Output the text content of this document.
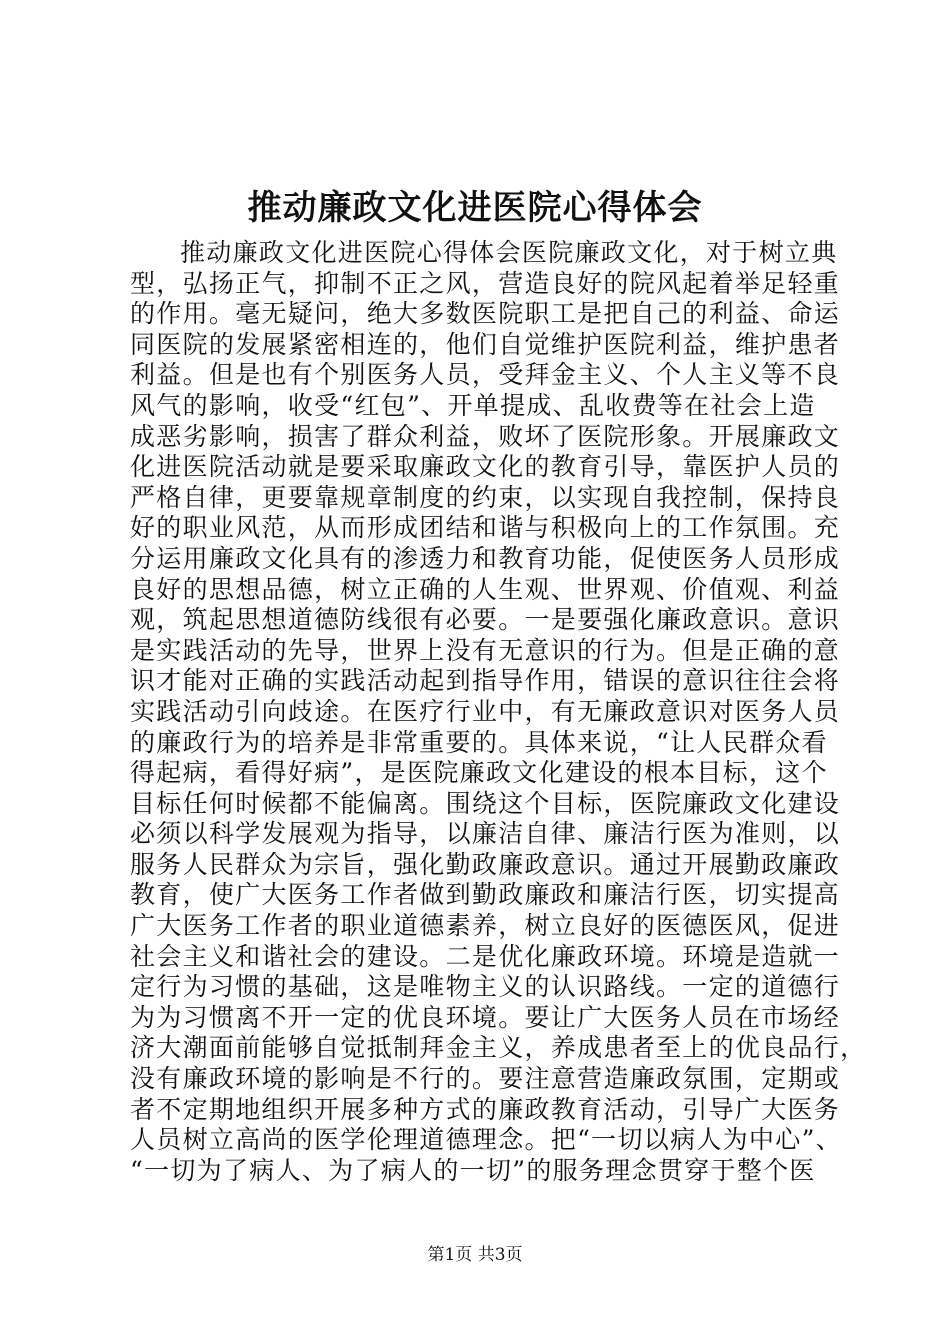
推动廉政文化进医院心得体会
推动廉政文化进医院心得体会医院廉政文化，对于树立典
型，弘扬正气，抑制不正之风，营造良好的院风起着举足轻重
的作用。毫无疑问，绝大多数医院职工是把自己的利益、命运
同医院的发展紧密相连的，他们自觉维护医院利益，维护患者
利益。但是也有个别医务人员，受拜金主义、个人主义等不良
风气的影响，收受“红包”、开单提成、乱收费等在社会上造
成恶劣影响，损害了群众利益，败坏了医院形象。开展廉政文
化进医院活动就是要采取廉政文化的教育引导，靠医护人员的
严格自律，更要靠规章制度的约束，以实现自我控制，保持良
好的职业风范，从而形成团结和谐与积极向上的工作氛围。充
分运用廉政文化具有的渗透力和教育功能，促使医务人员形成
良好的思想品德，树立正确的人生观、世界观、价值观、利益
观，筑起思想道德防线很有必要。一是要强化廉政意识。意识
是实践活动的先导，世界上没有无意识的行为。但是正确的意
识才能对正确的实践活动起到指导作用，错误的意识往往会将
实践活动引向歧途。在医疗行业中，有无廉政意识对医务人员
的廉政行为的培养是非常重要的。具体来说，“让人民群众看
得起病，看得好病”，是医院廉政文化建设的根本目标，这个
目标任何时候都不能偏离。围绕这个目标，医院廉政文化建设
必须以科学发展观为指导，以廉洁自律、廉洁行医为准则，以
服务人民群众为宗旨，强化勤政廉政意识。通过开展勤政廉政
教育，使广大医务工作者做到勤政廉政和廉洁行医，切实提高
广大医务工作者的职业道德素养，树立良好的医德医风，促进
社会主义和谐社会的建设。二是优化廉政环境。环境是造就一
定行为习惯的基础，这是唯物主义的认识路线。一定的道德行
为为习惯离不开一定的优良环境。要让广大医务人员在市场经
济大潮面前能够自觉抵制拜金主义，养成患者至上的优良品行，
没有廉政环境的影响是不行的。要注意营造廉政氛围，定期或
者不定期地组织开展多种方式的廉政教育活动，引导广大医务
人员树立高尚的医学伦理道德理念。把“一切以病人为中心”、
“一切为了病人、为了病人的一切”的服务理念贯穿于整个医
第1页 共3页
